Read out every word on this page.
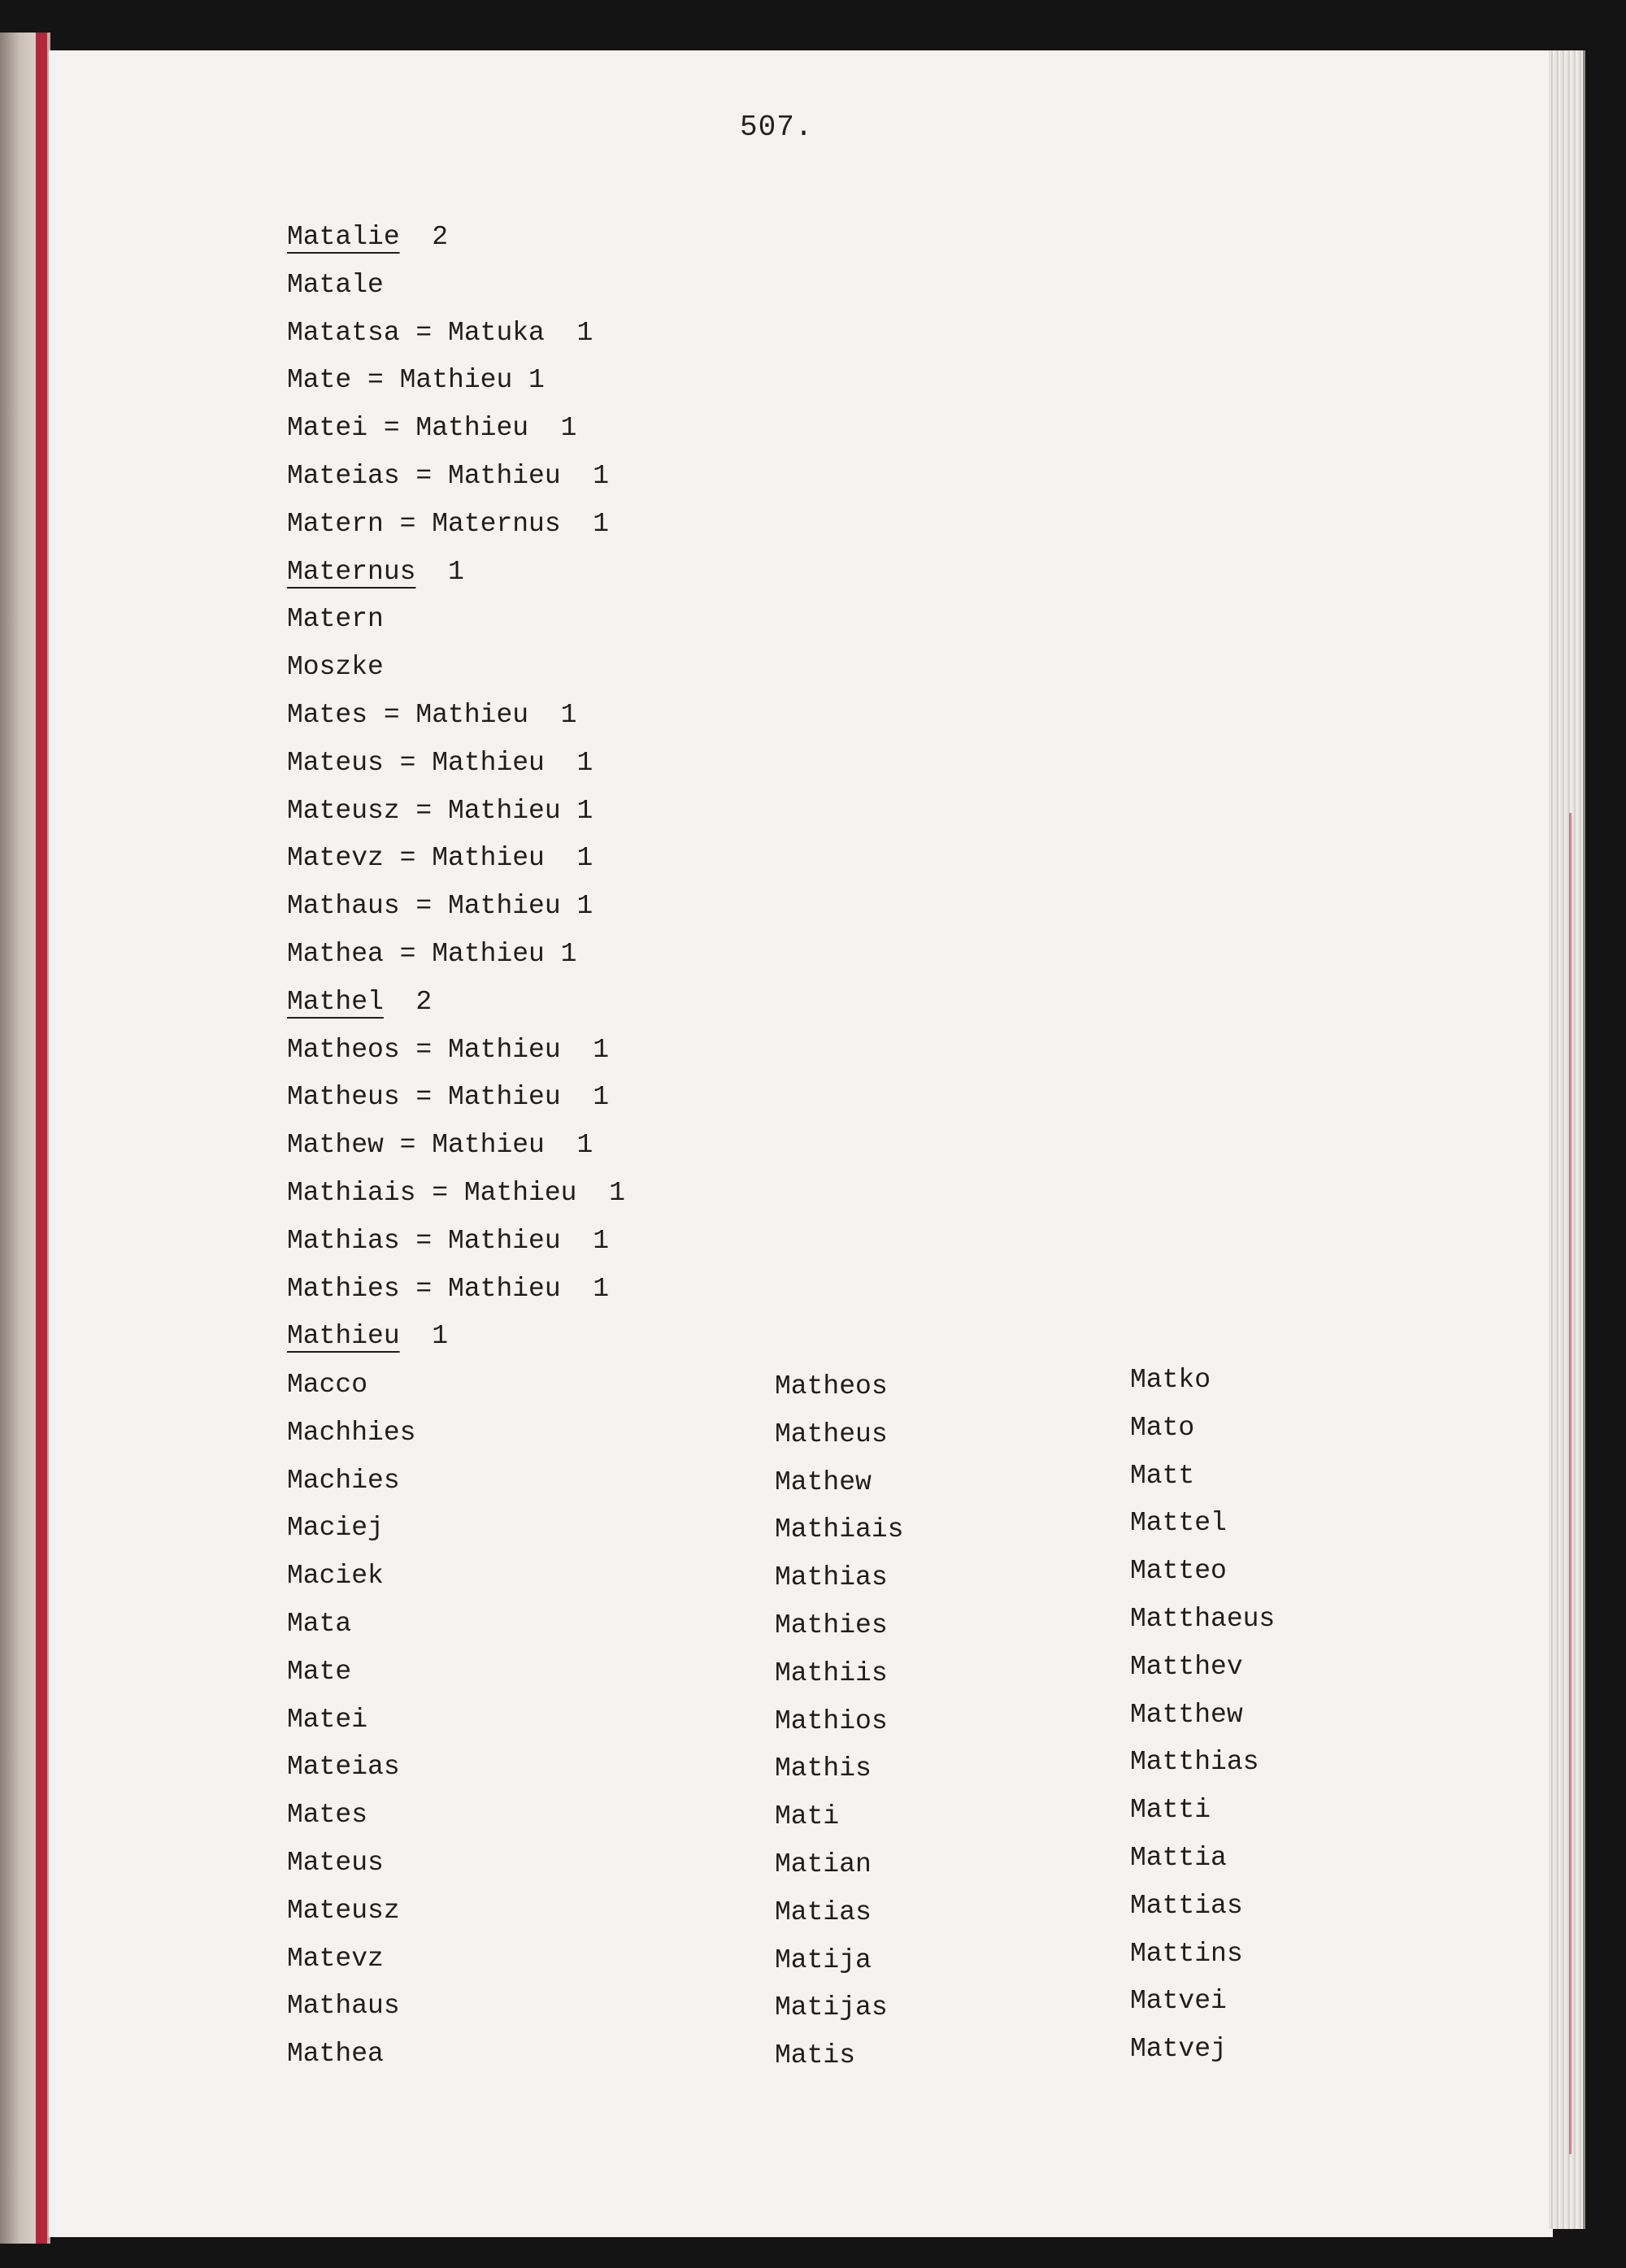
507.
Matalie  2
Matale
Matatsa = Matuka  1
Mate = Mathieu 1
Matei = Mathieu  1
Mateias = Mathieu  1
Matern = Maternus  1
Maternus  1
Matern
Moszke
Mates = Mathieu  1
Mateus = Mathieu  1
Mateusz = Mathieu 1
Matevz = Mathieu  1
Mathaus = Mathieu 1
Mathea = Mathieu 1
Mathel  2
Matheos = Mathieu  1
Matheus = Mathieu  1
Mathew = Mathieu  1
Mathiais = Mathieu  1
Mathias = Mathieu  1
Mathies = Mathieu  1
Mathieu  1
Macco
Machhies
Machies
Maciej
Maciek
Mata
Mate
Matei
Mateias
Mates
Mateus
Mateusz
Matevz
Mathaus
Mathea
Matheos
Matheus
Mathew
Mathiais
Mathias
Mathies
Mathiis
Mathios
Mathis
Mati
Matian
Matias
Matija
Matijas
Matis
Matko
Mato
Matt
Mattel
Matteo
Matthaeus
Matthev
Matthew
Matthias
Matti
Mattia
Mattias
Mattins
Matvei
Matvej
